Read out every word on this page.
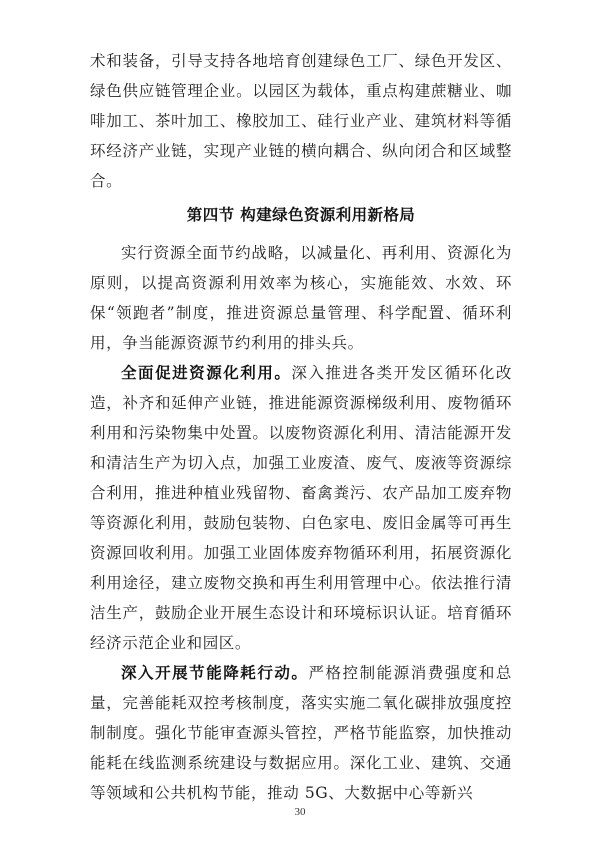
术和装备，引导支持各地培育创建绿色工厂、绿色开发区、绿色供应链管理企业。以园区为载体，重点构建蔗糖业、咖啡加工、茶叶加工、橡胶加工、硅行业产业、建筑材料等循环经济产业链，实现产业链的横向耦合、纵向闭合和区域整合。

第四节 构建绿色资源利用新格局

实行资源全面节约战略，以减量化、再利用、资源化为原则，以提高资源利用效率为核心，实施能效、水效、环保“领跑者”制度，推进资源总量管理、科学配置、循环利用，争当能源资源节约利用的排头兵。

全面促进资源化利用。深入推进各类开发区循环化改造，补齐和延伸产业链，推进能源资源梯级利用、废物循环利用和污染物集中处置。以废物资源化利用、清洁能源开发和清洁生产为切入点，加强工业废渣、废气、废液等资源综合利用，推进种植业残留物、畜禽粪污、农产品加工废弃物等资源化利用，鼓励包装物、白色家电、废旧金属等可再生资源回收利用。加强工业固体废弃物循环利用，拓展资源化利用途径，建立废物交换和再生利用管理中心。依法推行清洁生产，鼓励企业开展生态设计和环境标识认证。培育循环经济示范企业和园区。

深入开展节能降耗行动。严格控制能源消费强度和总量，完善能耗双控考核制度，落实实施二氧化碳排放强度控制制度。强化节能审查源头管控，严格节能监察，加快推动能耗在线监测系统建设与数据应用。深化工业、建筑、交通等领域和公共机构节能，推动 5G、大数据中心等新兴

30
